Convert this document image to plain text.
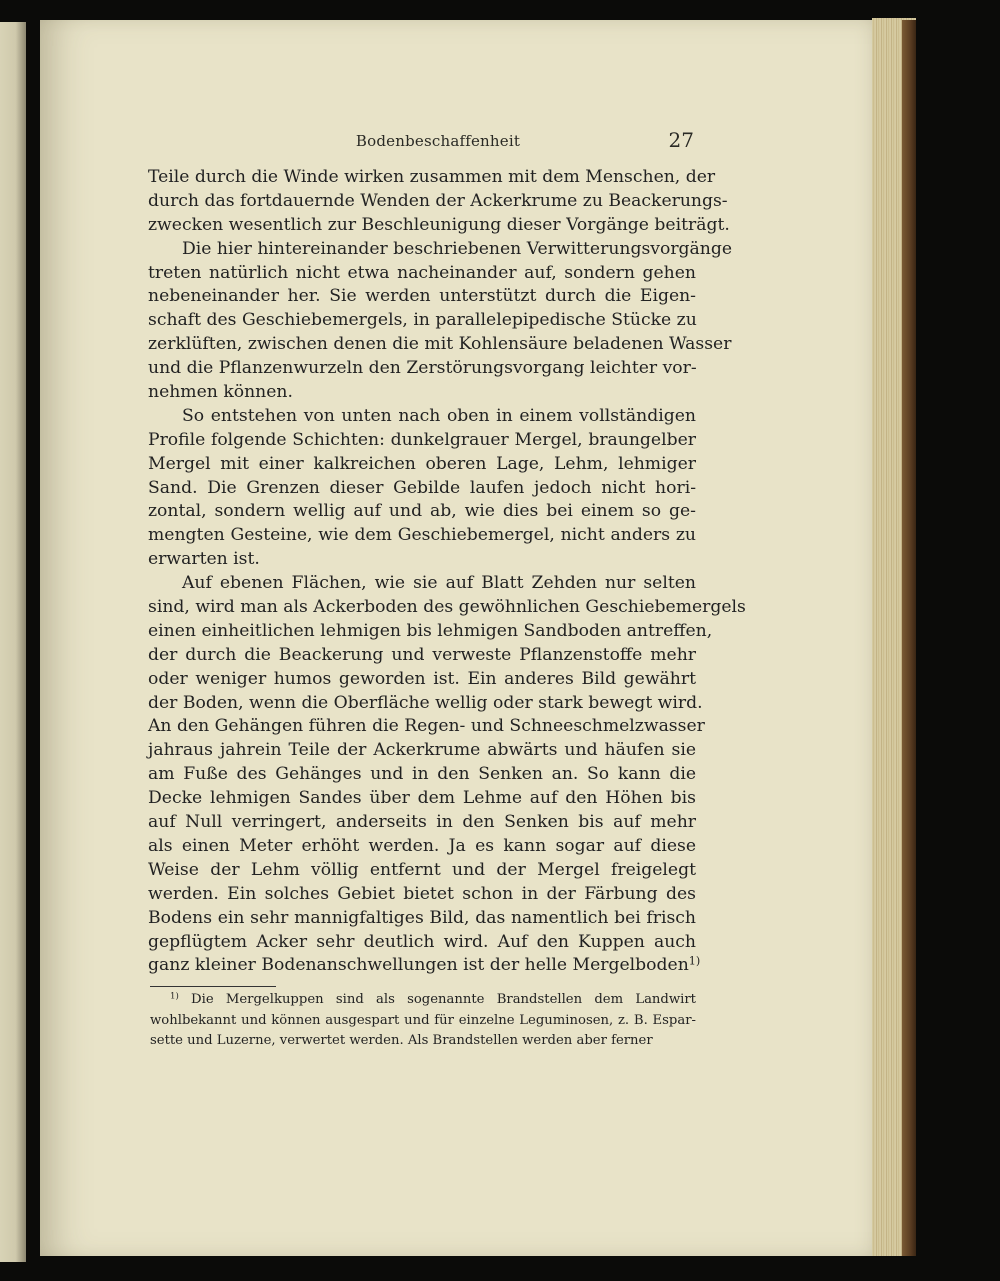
Bodenbeschaffenheit	27
Teile durch die Winde wirken zusammen mit dem Menschen, der
durch das fortdauernde Wenden der Ackerkrume zu Beackerungs-
zwecken wesentlich zur Beschleunigung dieser Vorgänge beiträgt.
Die hier hintereinander beschriebenen Verwitterungsvorgänge
treten natürlich nicht etwa nacheinander auf, sondern gehen
nebeneinander her. Sie werden unterstützt durch die Eigen-
schaft des Geschiebemergels, in parallelepipedische Stücke zu
zerklüften, zwischen denen die mit Kohlensäure beladenen Wasser
und die Pflanzenwurzeln den Zerstörungsvorgang leichter vor-
nehmen können.
So entstehen von unten nach oben in einem vollständigen
Profile folgende Schichten: dunkelgrauer Mergel, braungelber
Mergel mit einer kalkreichen oberen Lage, Lehm, lehmiger
Sand. Die Grenzen dieser Gebilde laufen jedoch nicht hori-
zontal, sondern wellig auf und ab, wie dies bei einem so ge-
mengten Gesteine, wie dem Geschiebemergel, nicht anders zu
erwarten ist.
Auf ebenen Flächen, wie sie auf Blatt Zehden nur selten
sind, wird man als Ackerboden des gewöhnlichen Geschiebemergels
einen einheitlichen lehmigen bis lehmigen Sandboden antreffen,
der durch die Beackerung und verweste Pflanzenstoffe mehr
oder weniger humos geworden ist. Ein anderes Bild gewährt
der Boden, wenn die Oberfläche wellig oder stark bewegt wird.
An den Gehängen führen die Regen- und Schneeschmelzwasser
jahraus jahrein Teile der Ackerkrume abwärts und häufen sie
am Fuße des Gehänges und in den Senken an. So kann die
Decke lehmigen Sandes über dem Lehme auf den Höhen bis
auf Null verringert, anderseits in den Senken bis auf mehr
als einen Meter erhöht werden. Ja es kann sogar auf diese
Weise der Lehm völlig entfernt und der Mergel freigelegt
werden. Ein solches Gebiet bietet schon in der Färbung des
Bodens ein sehr mannigfaltiges Bild, das namentlich bei frisch
gepflügtem Acker sehr deutlich wird. Auf den Kuppen auch
ganz kleiner Bodenanschwellungen ist der helle Mergelboden$^{1)}$
$^{1)}$ Die Mergelkuppen sind als sogenannte Brandstellen dem Landwirt
wohlbekannt und können ausgespart und für einzelne Leguminosen, z. B. Espar-
sette und Luzerne, verwertet werden. Als Brandstellen werden aber ferner
